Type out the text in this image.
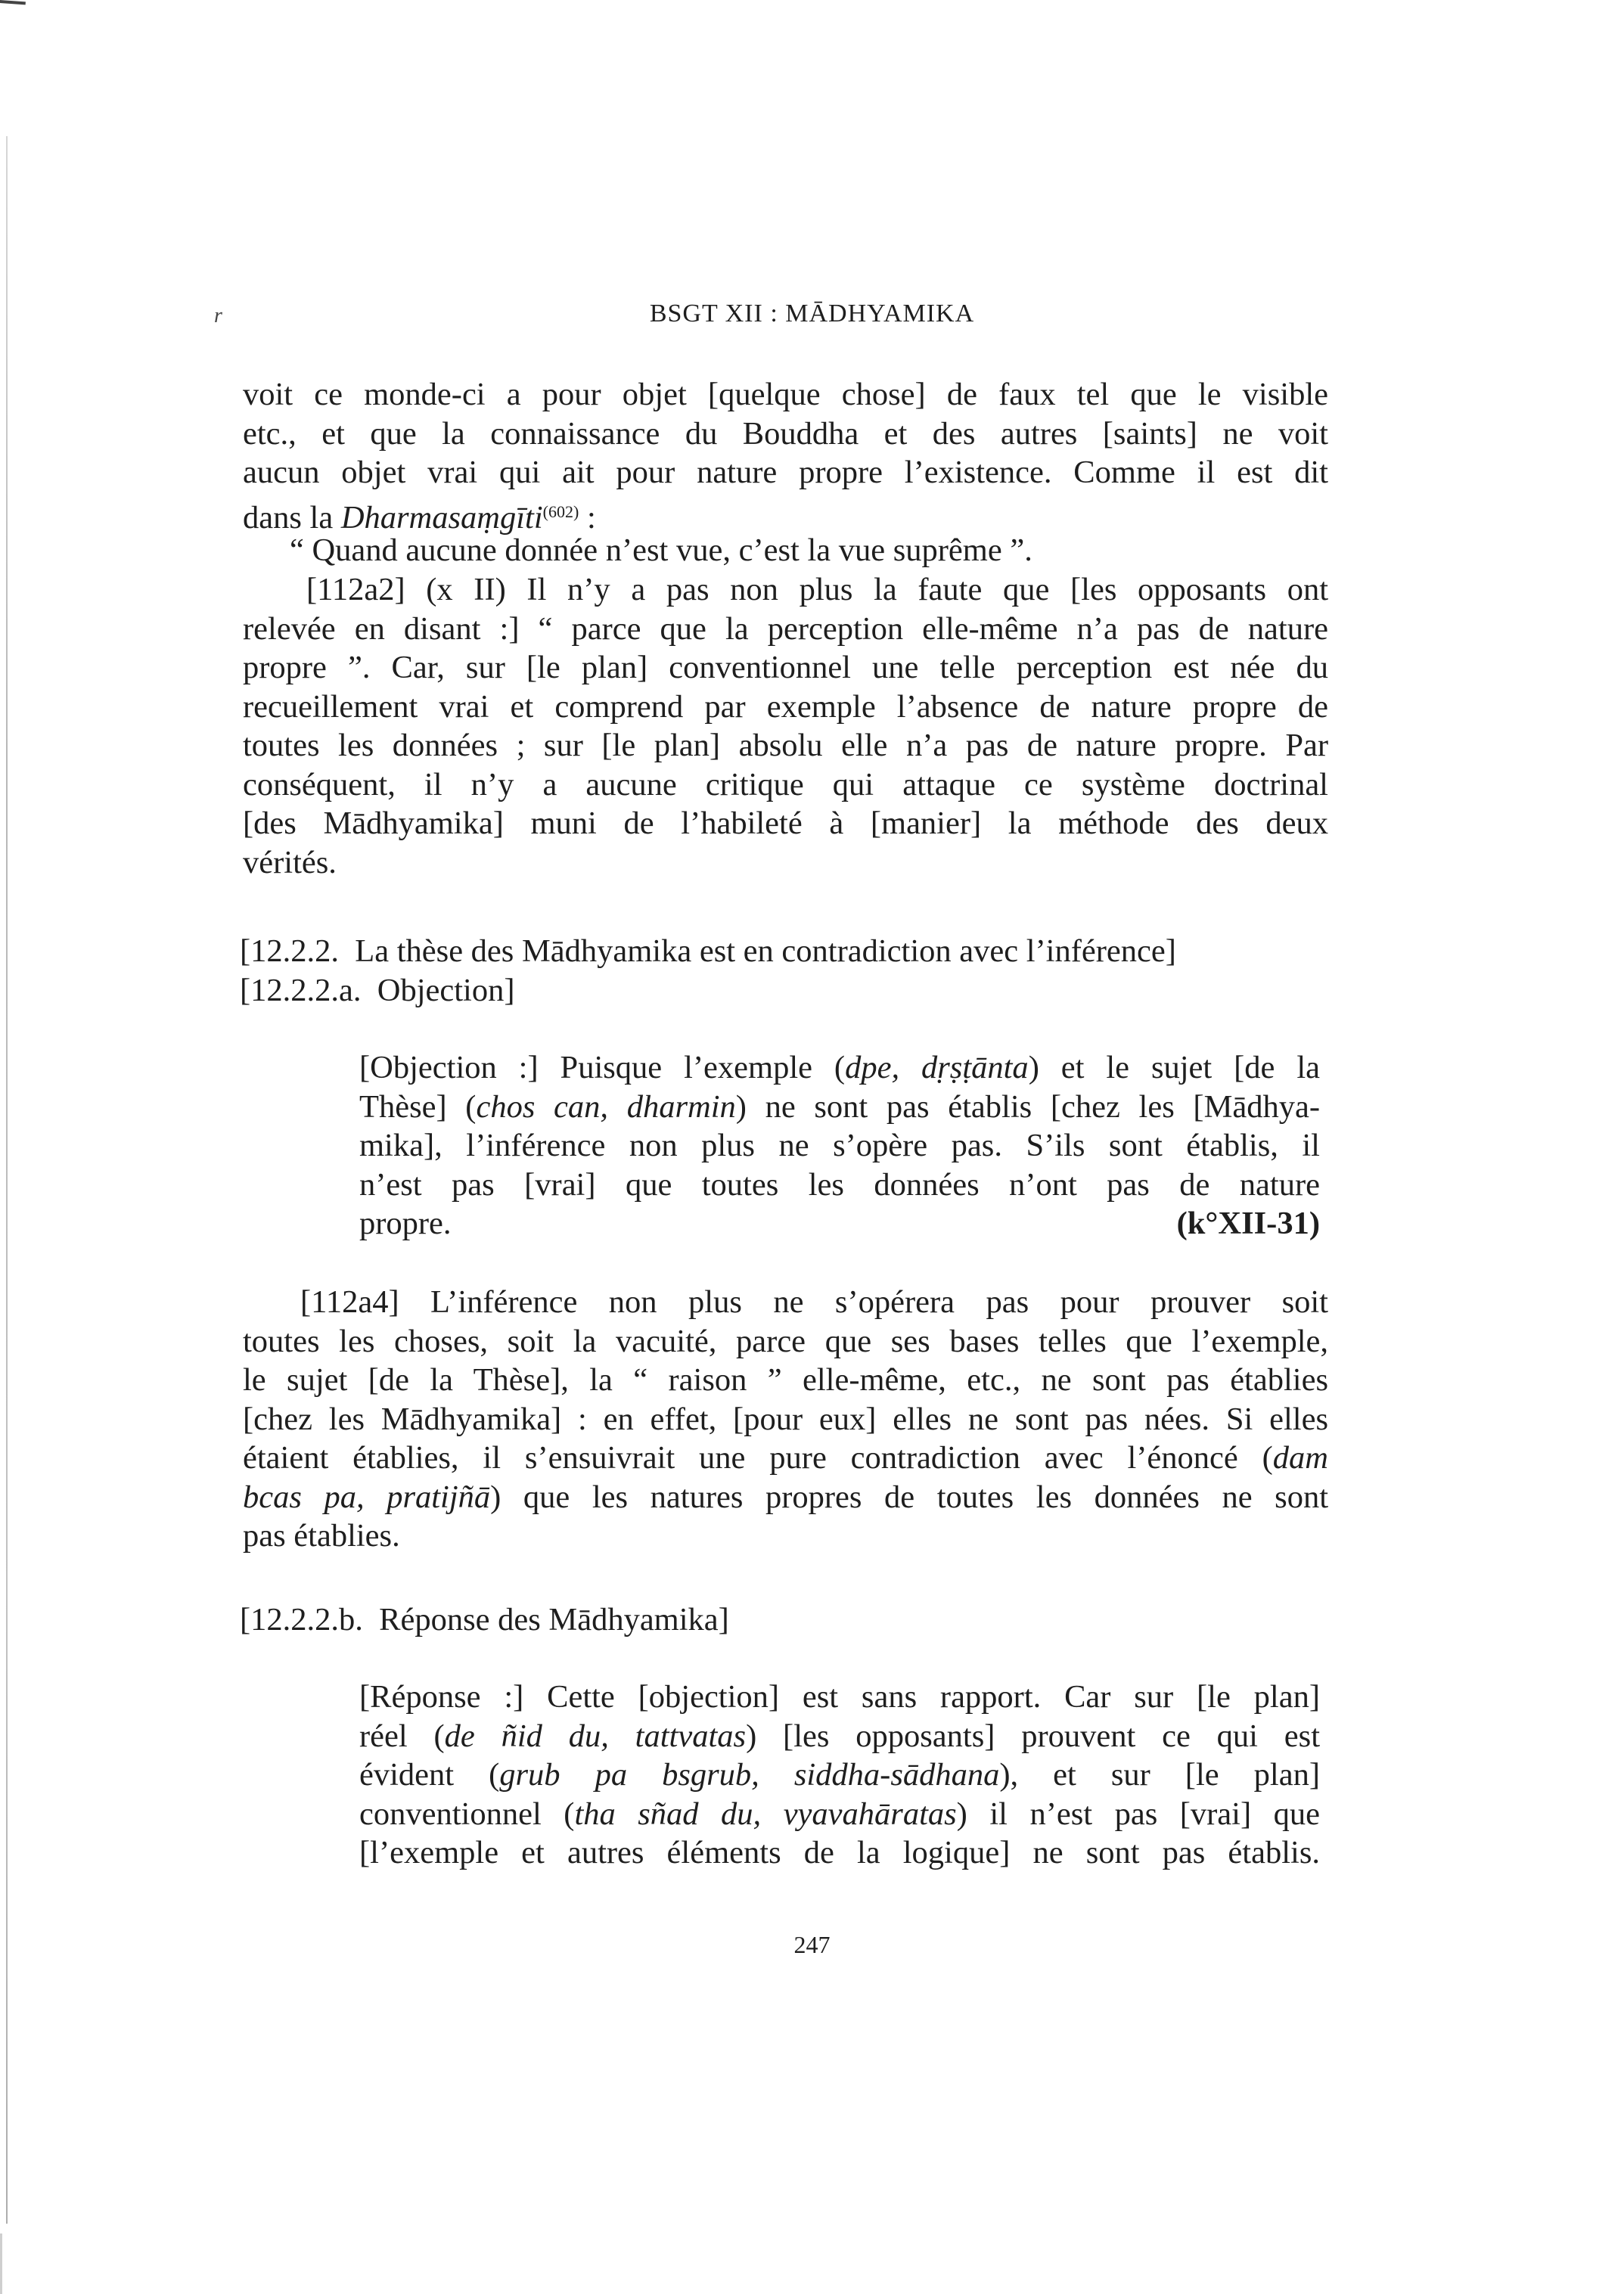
r	BSGT XII : MĀDHYAMIKA
voit ce monde-ci a pour objet [quelque chose] de faux tel que le visible
etc., et que la connaissance du Bouddha et des autres [saints] ne voit
aucun objet vrai qui ait pour nature propre l’existence. Comme il est dit
dans la Dharmasaṃgīti$^{(602)}$ :
“ Quand aucune donnée n’est vue, c’est la vue suprême ”.
[112a2] (x II) Il n’y a pas non plus la faute que [les opposants ont
relevée en disant :] “ parce que la perception elle-même n’a pas de nature
propre ”. Car, sur [le plan] conventionnel une telle perception est née du
recueillement vrai et comprend par exemple l’absence de nature propre de
toutes les données ; sur [le plan] absolu elle n’a pas de nature propre. Par
conséquent, il n’y a aucune critique qui attaque ce système doctrinal
[des Mādhyamika] muni de l’habileté à [manier] la méthode des deux
vérités.
[12.2.2.  La thèse des Mādhyamika est en contradiction avec l’inférence]
[12.2.2.a.  Objection]
[Objection :] Puisque l’exemple (dpe, dṛṣṭānta) et le sujet [de la
Thèse] (chos can, dharmin) ne sont pas établis [chez les [Mādhya-
mika], l’inférence non plus ne s’opère pas. S’ils sont établis, il
n’est pas [vrai] que toutes les données n’ont pas de nature
propre.	(k°XII-31)
[112a4] L’inférence non plus ne s’opérera pas pour prouver soit
toutes les choses, soit la vacuité, parce que ses bases telles que l’exemple,
le sujet [de la Thèse], la “ raison ” elle-même, etc., ne sont pas établies
[chez les Mādhyamika] : en effet, [pour eux] elles ne sont pas nées. Si elles
étaient établies, il s’ensuivrait une pure contradiction avec l’énoncé (dam
bcas pa, pratijñā) que les natures propres de toutes les données ne sont
pas établies.
[12.2.2.b.  Réponse des Mādhyamika]
[Réponse :] Cette [objection] est sans rapport. Car sur [le plan]
réel (de ñid du, tattvatas) [les opposants] prouvent ce qui est
évident (grub pa bsgrub, siddha-sādhana), et sur [le plan]
conventionnel (tha sñad du, vyavahāratas) il n’est pas [vrai] que
[l’exemple et autres éléments de la logique] ne sont pas établis.
247
